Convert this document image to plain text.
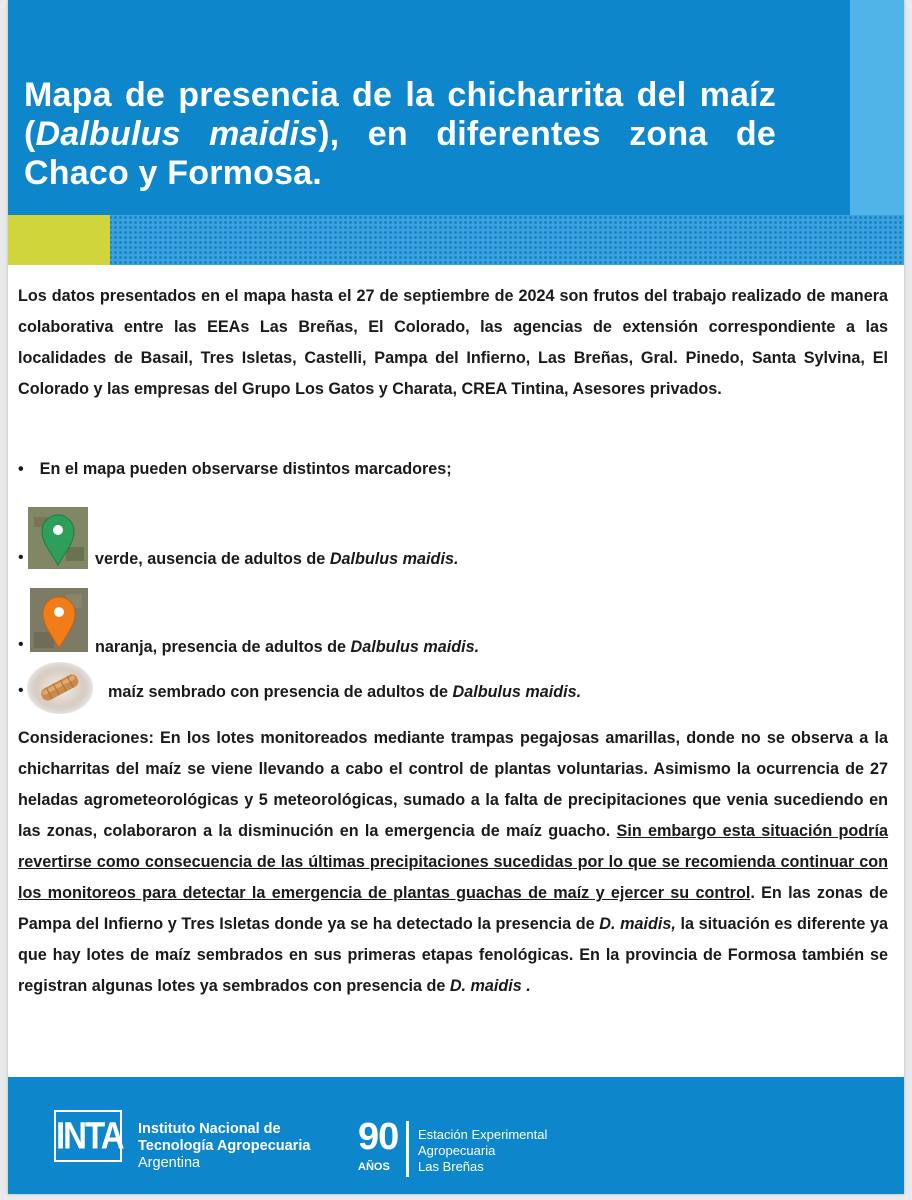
Mapa de presencia de la chicharrita del maíz (Dalbulus maidis), en diferentes zona de Chaco y Formosa.

Los datos presentados en el mapa hasta el 27 de septiembre de 2024 son frutos del trabajo realizado de manera colaborativa entre las EEAs Las Breñas, El Colorado, las agencias de extensión correspondiente a las localidades de Basail, Tres Isletas, Castelli, Pampa del Infierno, Las Breñas, Gral. Pinedo, Santa Sylvina, El Colorado y las empresas del Grupo Los Gatos y Charata, CREA Tintina, Asesores privados.

• En el mapa pueden observarse distintos marcadores;
•	verde, ausencia de adultos de Dalbulus maidis.
•	naranja, presencia de adultos de Dalbulus maidis.
•	maíz sembrado con presencia de adultos de Dalbulus maidis.

Consideraciones: En los lotes monitoreados mediante trampas pegajosas amarillas, donde no se observa a la chicharritas del maíz se viene llevando a cabo el control de plantas voluntarias. Asimismo la ocurrencia de 27 heladas agrometeorológicas y 5 meteorológicas, sumado a la falta de precipitaciones que venia sucediendo en las zonas, colaboraron a la disminución en la emergencia de maíz guacho. Sin embargo esta situación podría revertirse como consecuencia de las últimas precipitaciones sucedidas por lo que se recomienda continuar con los monitoreos para detectar la emergencia de plantas guachas de maíz y ejercer su control. En las zonas de Pampa del Infierno y Tres Isletas donde ya se ha detectado la presencia de D. maidis, la situación es diferente ya que hay lotes de maíz sembrados en sus primeras etapas fenológicas. En la provincia de Formosa también se registran algunas lotes ya sembrados con presencia de D. maidis .

INTA Instituto Nacional de
Tecnología Agropecuaria
Argentina
90
AÑOS
Estación Experimental
Agropecuaria
Las Breñas
